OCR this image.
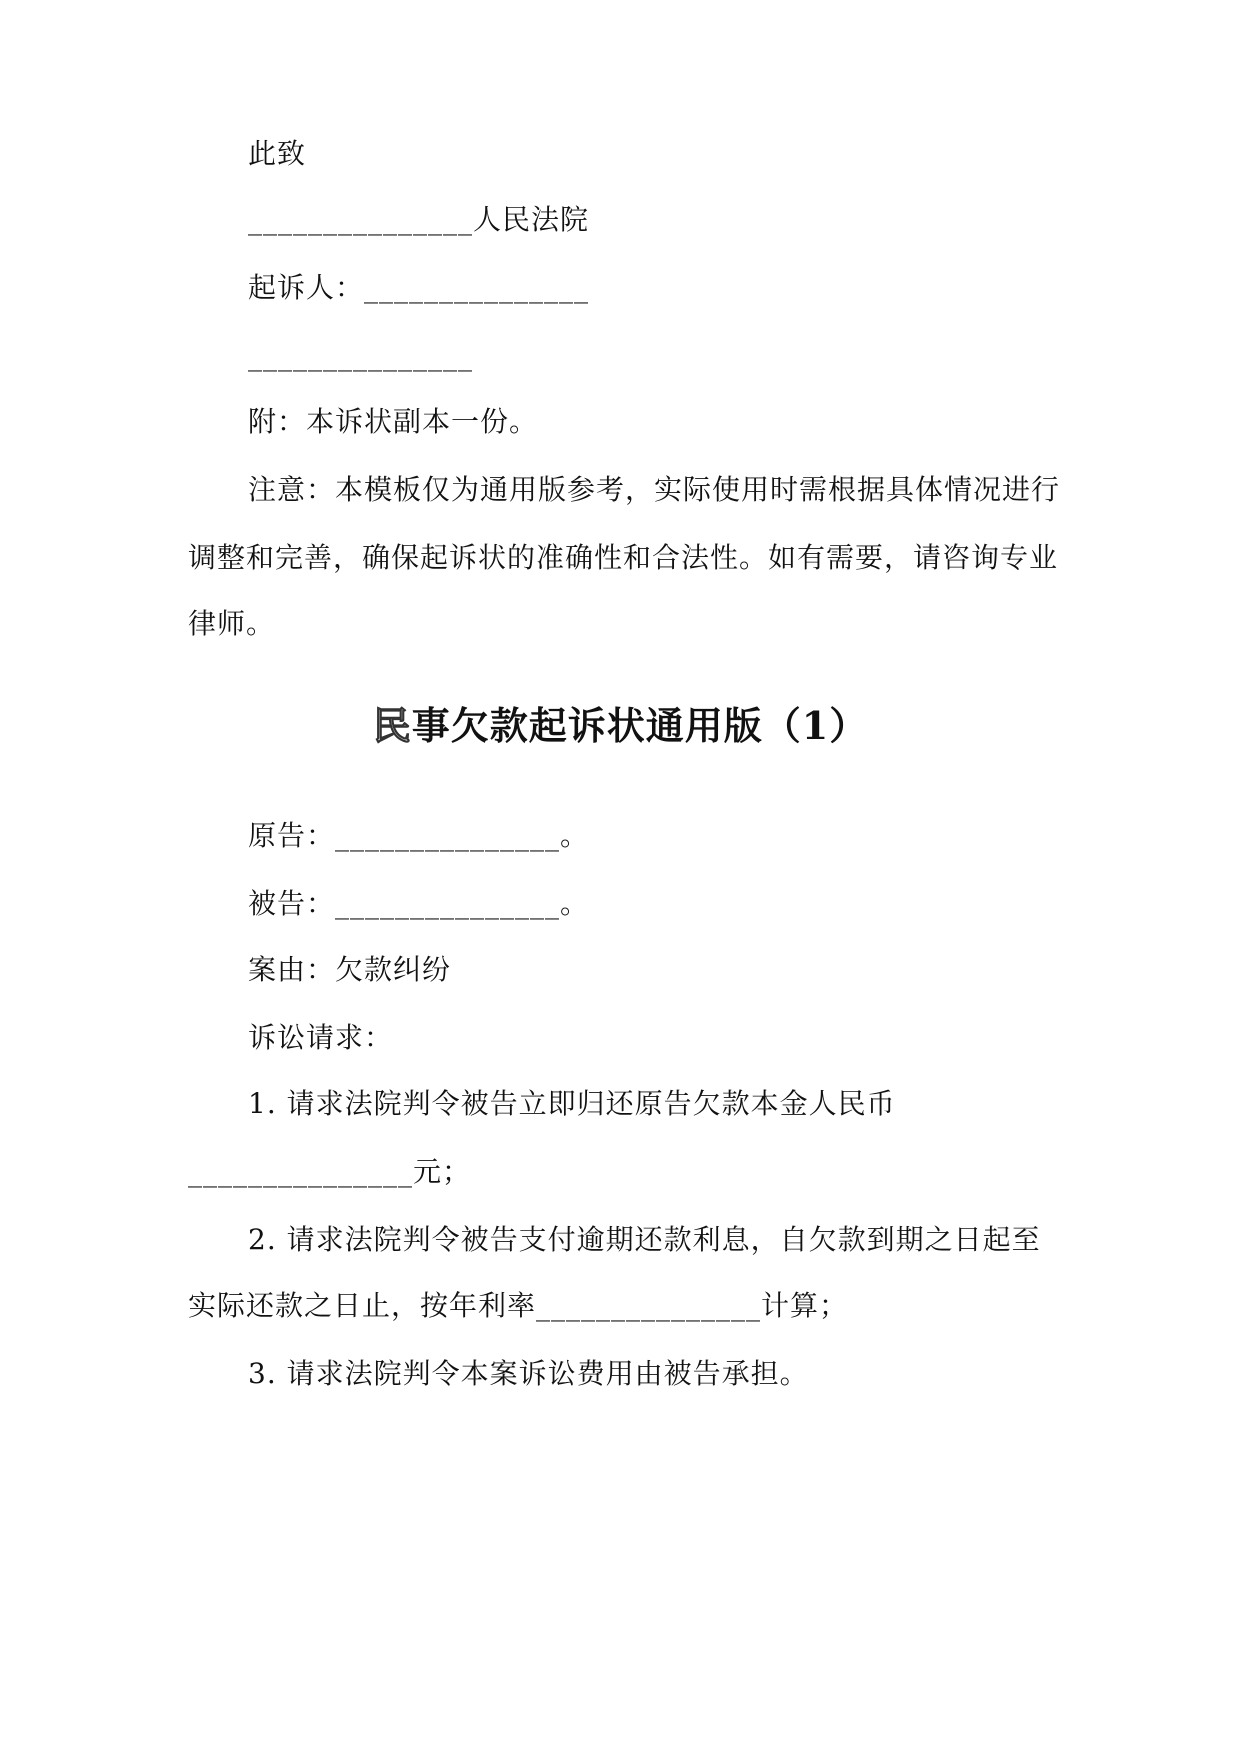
此致
_______________人民法院
起诉人：_______________
_______________
附：本诉状副本一份。
注意：本模板仅为通用版参考，实际使用时需根据具体情况进行
调整和完善，确保起诉状的准确性和合法性。如有需要，请咨询专业
律师。
民事欠款起诉状通用版（1）
原告：_______________。
被告：_______________。
案由：欠款纠纷
诉讼请求：
1. 请求法院判令被告立即归还原告欠款本金人民币
_______________元；
2. 请求法院判令被告支付逾期还款利息，自欠款到期之日起至
实际还款之日止，按年利率_______________计算；
3. 请求法院判令本案诉讼费用由被告承担。
